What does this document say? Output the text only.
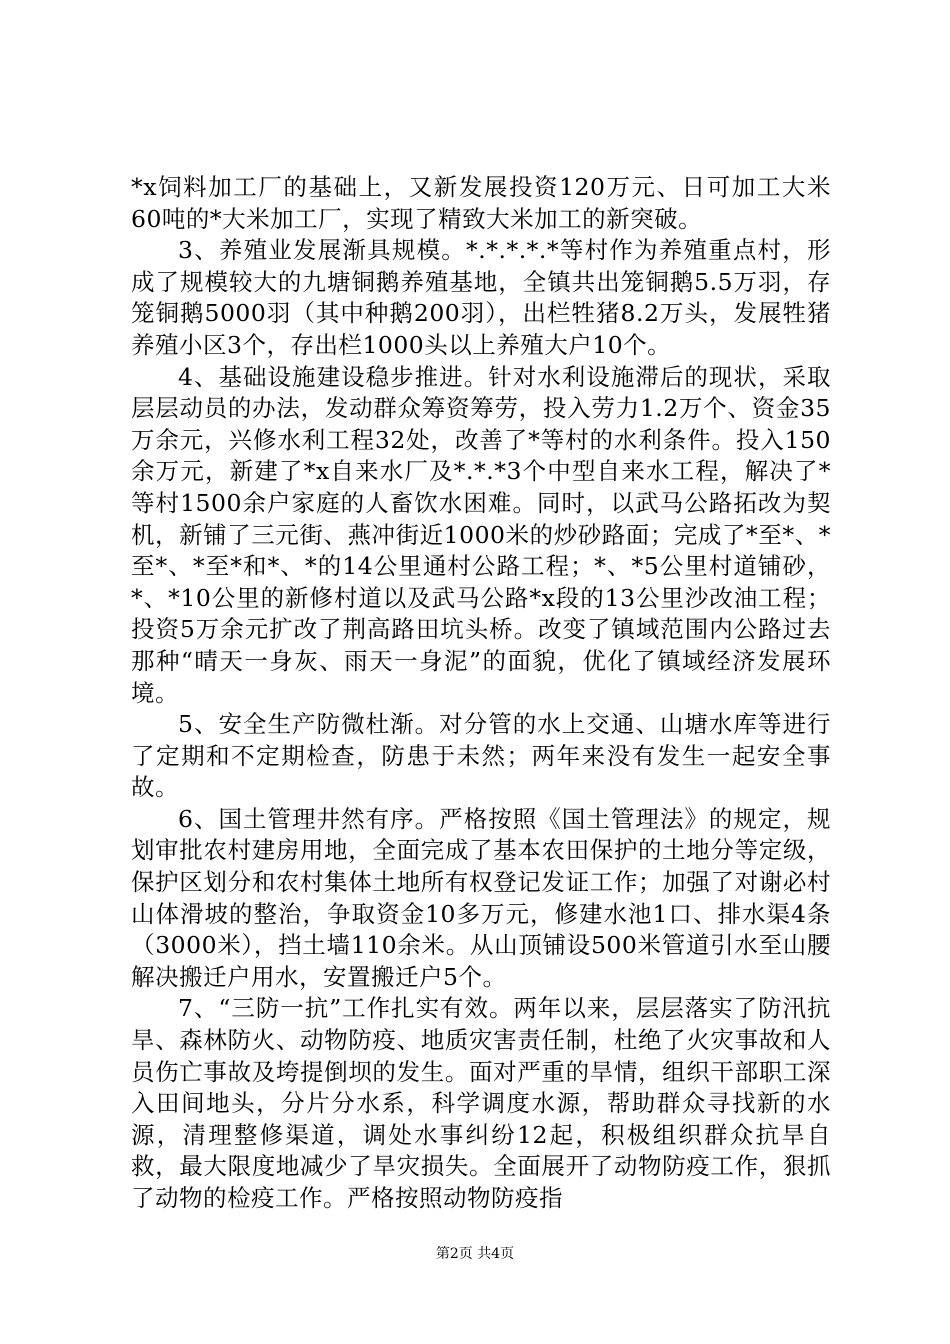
*x饲料加工厂的基础上，又新发展投资120万元、日可加工大米60吨的*大米加工厂，实现了精致大米加工的新突破。

3、养殖业发展渐具规模。*.*.*.*.*等村作为养殖重点村，形成了规模较大的九塘铜鹅养殖基地，全镇共出笼铜鹅5.5万羽，存笼铜鹅5000羽（其中种鹅200羽），出栏牲猪8.2万头，发展牲猪养殖小区3个，存出栏1000头以上养殖大户10个。

4、基础设施建设稳步推进。针对水利设施滞后的现状，采取层层动员的办法，发动群众筹资筹劳，投入劳力1.2万个、资金35万余元，兴修水利工程32处，改善了*等村的水利条件。投入150余万元，新建了*x自来水厂及*.*.*3个中型自来水工程，解决了*等村1500余户家庭的人畜饮水困难。同时，以武马公路拓改为契机，新铺了三元街、燕冲街近1000米的炒砂路面；完成了*至*、*至*、*至*和*、*的14公里通村公路工程；*、*5公里村道铺砂，*、*10公里的新修村道以及武马公路*x段的13公里沙改油工程；投资5万余元扩改了荆高路田坑头桥。改变了镇域范围内公路过去那种“晴天一身灰、雨天一身泥”的面貌，优化了镇域经济发展环境。

5、安全生产防微杜渐。对分管的水上交通、山塘水库等进行了定期和不定期检查，防患于未然；两年来没有发生一起安全事故。

6、国土管理井然有序。严格按照《国土管理法》的规定，规划审批农村建房用地，全面完成了基本农田保护的土地分等定级，保护区划分和农村集体土地所有权登记发证工作；加强了对谢必村山体滑坡的整治，争取资金10多万元，修建水池1口、排水渠4条（3000米），挡土墙110余米。从山顶铺设500米管道引水至山腰解决搬迁户用水，安置搬迁户5个。

7、“三防一抗”工作扎实有效。两年以来，层层落实了防汛抗旱、森林防火、动物防疫、地质灾害责任制，杜绝了火灾事故和人员伤亡事故及垮提倒坝的发生。面对严重的旱情，组织干部职工深入田间地头，分片分水系，科学调度水源，帮助群众寻找新的水源，清理整修渠道，调处水事纠纷12起，积极组织群众抗旱自救，最大限度地减少了旱灾损失。全面展开了动物防疫工作，狠抓了动物的检疫工作。严格按照动物防疫指

第2页 共4页
